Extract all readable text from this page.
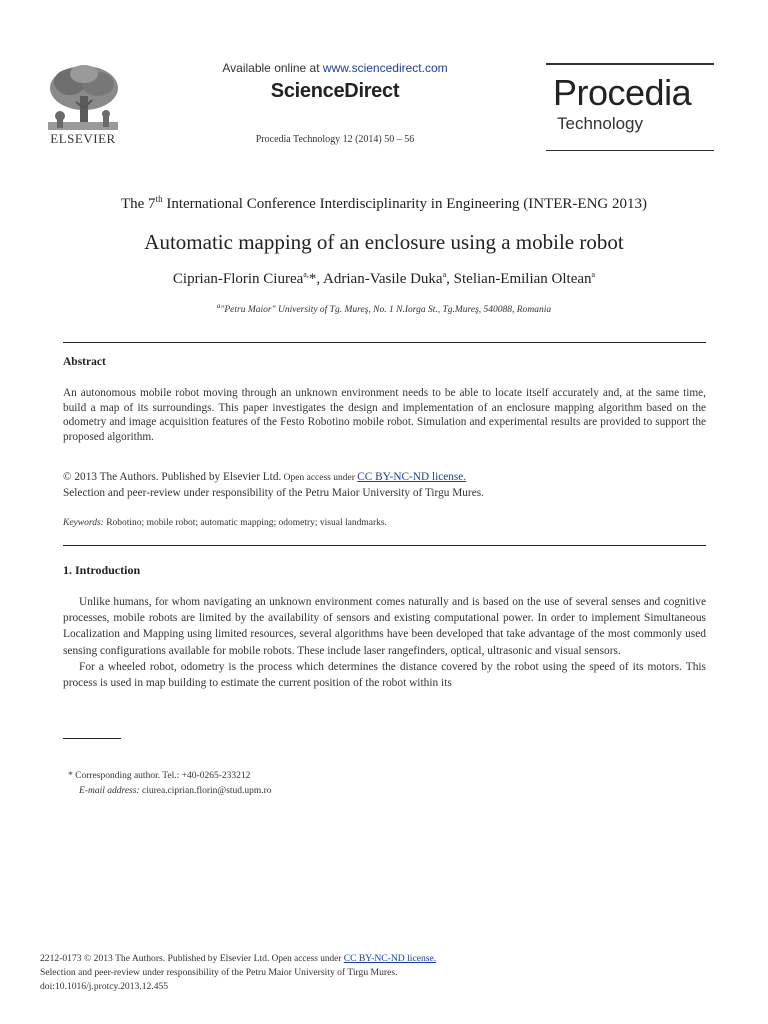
ELSEVIER
Available online at www.sciencedirect.com
ScienceDirect
Procedia Technology 12 (2014) 50 – 56
Procedia
Technology
The 7th International Conference Interdisciplinarity in Engineering (INTER-ENG 2013)
Automatic mapping of an enclosure using a mobile robot
Ciprian-Florin Ciurea$^{a,}$*, Adrian-Vasile Duka$^a$, Stelian-Emilian Oltean$^a$
$^a$"Petru Maior" University of Tg. Mureş, No. 1 N.Iorga St., Tg.Mureş, 540088, Romania
Abstract
An autonomous mobile robot moving through an unknown environment needs to be able to locate itself accurately and, at the same time, build a map of its surroundings. This paper investigates the design and implementation of an enclosure mapping algorithm based on the odometry and image acquisition features of the Festo Robotino mobile robot. Simulation and experimental results are provided to support the proposed algorithm.
© 2013 The Authors. Published by Elsevier Ltd. Open access under CC BY-NC-ND license.
Selection and peer-review under responsibility of the Petru Maior University of Tirgu Mures.
Keywords: Robotino; mobile robot; automatic mapping; odometry; visual landmarks.
1. Introduction

Unlike humans, for whom navigating an unknown environment comes naturally and is based on the use of several senses and cognitive processes, mobile robots are limited by the availability of sensors and existing computational power. In order to implement Simultaneous Localization and Mapping using limited resources, several algorithms have been developed that take advantage of the most commonly used sensing configurations available for mobile robots. These include laser rangefinders, optical, ultrasonic and visual sensors.

For a wheeled robot, odometry is the process which determines the distance covered by the robot using the speed of its motors. This process is used in map building to estimate the current position of the robot within its

* Corresponding author. Tel.: +40-0265-233212
E-mail address: ciurea.ciprian.florin@stud.upm.ro
2212-0173 © 2013 The Authors. Published by Elsevier Ltd. Open access under CC BY-NC-ND license.
Selection and peer-review under responsibility of the Petru Maior University of Tirgu Mures.
doi:10.1016/j.protcy.2013.12.455
